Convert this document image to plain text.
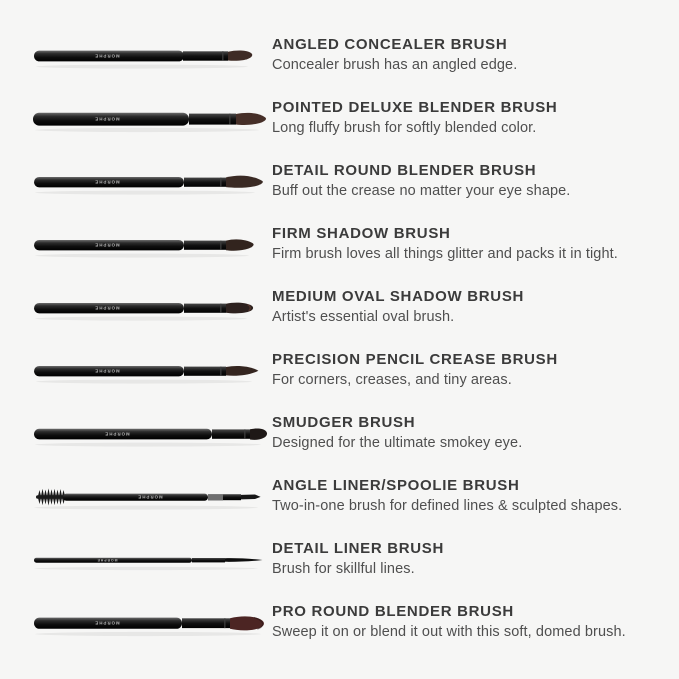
MORPHE
ANGLED CONCEALER BRUSH

Concealer brush has an angled edge.

MORPHE
POINTED DELUXE BLENDER BRUSH

Long fluffy brush for softly blended color.

MORPHE
DETAIL ROUND BLENDER BRUSH

Buff out the crease no matter your eye shape.

MORPHE
FIRM SHADOW BRUSH

Firm brush loves all things glitter and packs it in tight.

MORPHE
MEDIUM OVAL SHADOW BRUSH

Artist's essential oval brush.

MORPHE
PRECISION PENCIL CREASE BRUSH

For corners, creases, and tiny areas.

MORPHE
SMUDGER BRUSH

Designed for the ultimate smokey eye.

MORPHE
ANGLE LINER/SPOOLIE BRUSH

Two-in-one brush for defined lines & sculpted shapes.

MORPHE
DETAIL LINER BRUSH

Brush for skillful lines.

MORPHE
PRO ROUND BLENDER BRUSH

Sweep it on or blend it out with this soft, domed brush.
